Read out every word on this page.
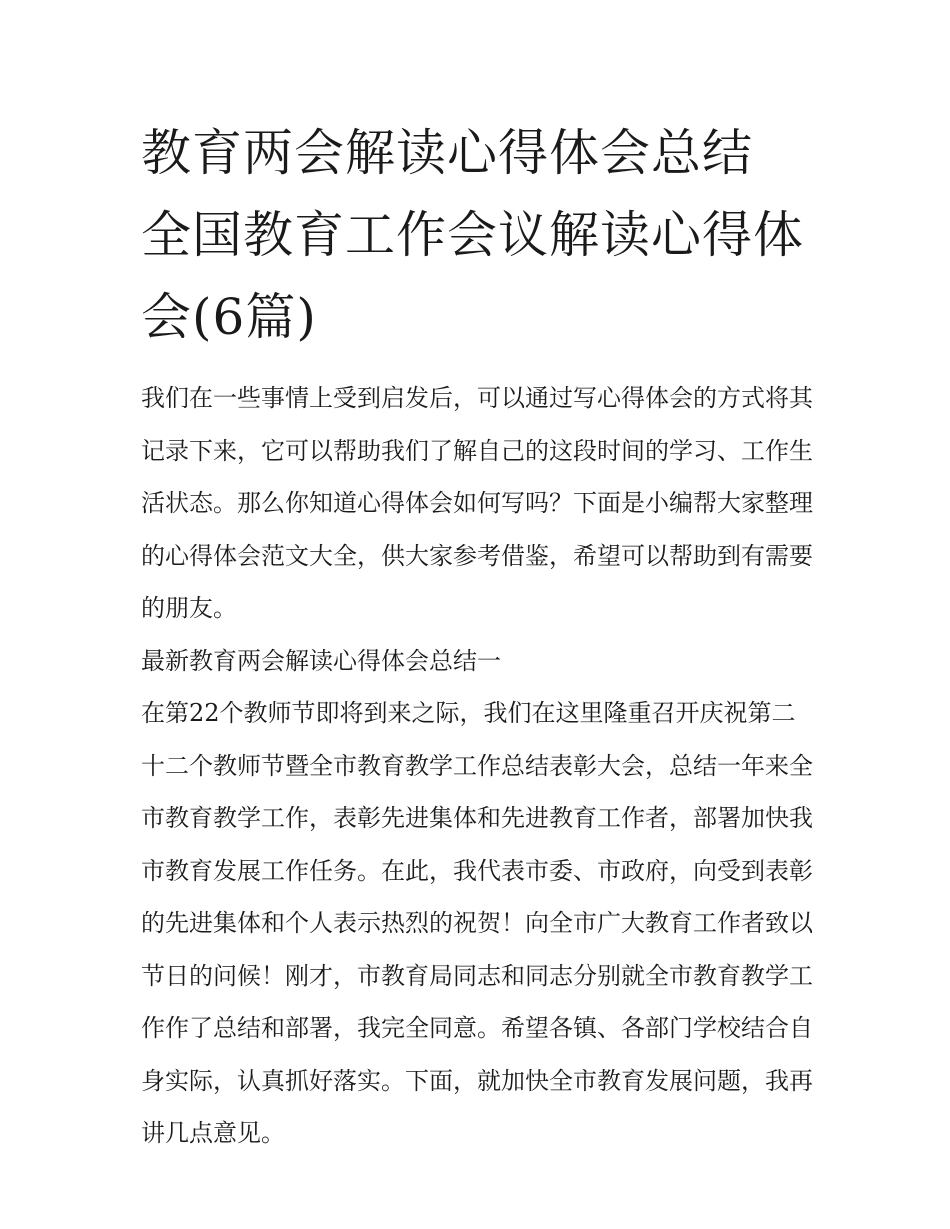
教育两会解读心得体会总结 全国教育工作会议解读心得体会(6篇)

我们在一些事情上受到启发后，可以通过写心得体会的方式将其记录下来，它可以帮助我们了解自己的这段时间的学习、工作生活状态。那么你知道心得体会如何写吗？下面是小编帮大家整理的心得体会范文大全，供大家参考借鉴，希望可以帮助到有需要的朋友。

最新教育两会解读心得体会总结一

在第22个教师节即将到来之际，我们在这里隆重召开庆祝第二十二个教师节暨全市教育教学工作总结表彰大会，总结一年来全市教育教学工作，表彰先进集体和先进教育工作者，部署加快我市教育发展工作任务。在此，我代表市委、市政府，向受到表彰的先进集体和个人表示热烈的祝贺！向全市广大教育工作者致以节日的问候！刚才，市教育局同志和同志分别就全市教育教学工作作了总结和部署，我完全同意。希望各镇、各部门学校结合自身实际，认真抓好落实。下面，就加快全市教育发展问题，我再讲几点意见。
